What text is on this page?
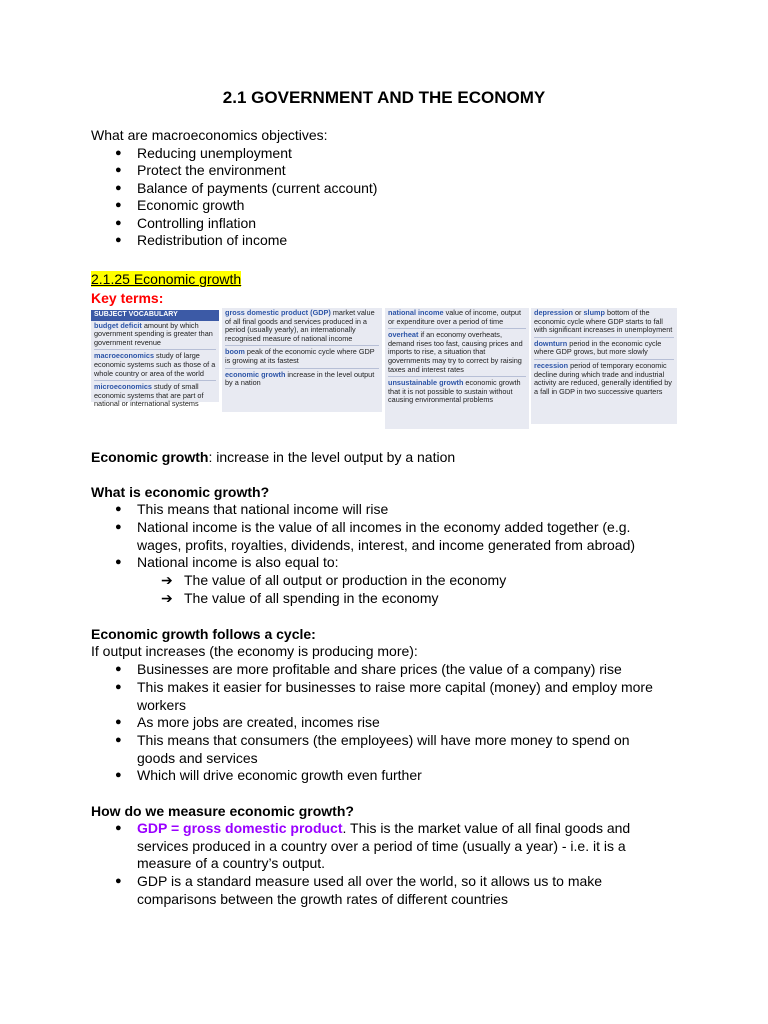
2.1 GOVERNMENT AND THE ECONOMY
What are macroeconomics objectives:
● Reducing unemployment
● Protect the environment
● Balance of payments (current account)
● Economic growth
● Controlling inflation
● Redistribution of income
2.1.25 Economic growth
Key terms:
SUBJECT VOCABULARY
budget deficit amount by which government spending is greater than government revenue
macroeconomics study of large economic systems such as those of a whole country or area of the world
microeconomics study of small economic systems that are part of national or international systems
gross domestic product (GDP) market value of all final goods and services produced in a period (usually yearly), an internationally recognised measure of national income
boom peak of the economic cycle where GDP is growing at its fastest
economic growth increase in the level output by a nation
national income value of income, output or expenditure over a period of time
overheat if an economy overheats, demand rises too fast, causing prices and imports to rise, a situation that governments may try to correct by raising taxes and interest rates
unsustainable growth economic growth that it is not possible to sustain without causing environmental problems
depression or slump bottom of the economic cycle where GDP starts to fall with significant increases in unemployment
downturn period in the economic cycle where GDP grows, but more slowly
recession period of temporary economic decline during which trade and industrial activity are reduced, generally identified by a fall in GDP in two successive quarters
Economic growth: increase in the level output by a nation
What is economic growth?
● This means that national income will rise
● National income is the value of all incomes in the economy added together (e.g. wages, profits, royalties, dividends, interest, and income generated from abroad)
● National income is also equal to:
➔ The value of all output or production in the economy
➔ The value of all spending in the economy
Economic growth follows a cycle:
If output increases (the economy is producing more):
● Businesses are more profitable and share prices (the value of a company) rise
● This makes it easier for businesses to raise more capital (money) and employ more workers
● As more jobs are created, incomes rise
● This means that consumers (the employees) will have more money to spend on goods and services
● Which will drive economic growth even further
How do we measure economic growth?
● GDP = gross domestic product. This is the market value of all final goods and services produced in a country over a period of time (usually a year) - i.e. it is a measure of a country’s output.
● GDP is a standard measure used all over the world, so it allows us to make comparisons between the growth rates of different countries
